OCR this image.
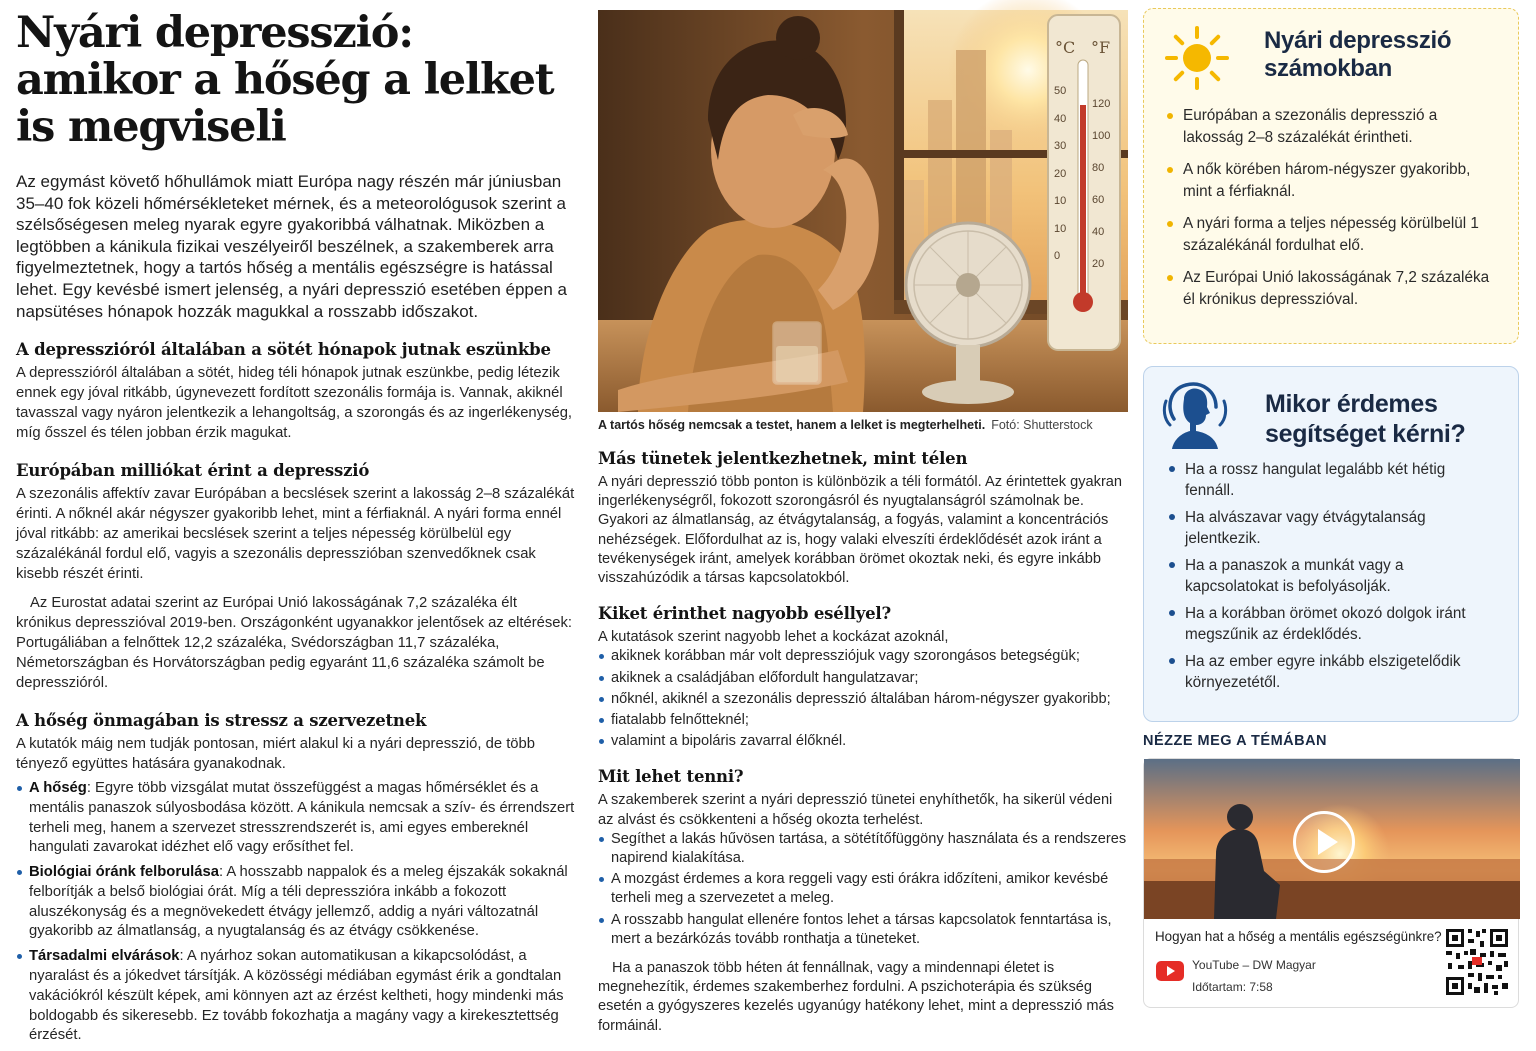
Nyári depresszió: amikor a hőség a lelket is megviseli

Az egymást követő hőhullámok miatt Európa nagy részén már júniusban 35–40 fok közeli hőmérsékleteket mérnek, és a meteorológusok szerint a szélsőségesen meleg nyarak egyre gyakoribbá válhatnak. Miközben a legtöbben a kánikula fizikai veszélyeiről beszélnek, a szakemberek arra figyelmeztetnek, hogy a tartós hőség a mentális egészségre is hatással lehet. Egy kevésbé ismert jelenség, a nyári depresszió esetében éppen a napsütéses hónapok hozzák magukkal a rosszabb időszakot.

A depresszióról általában a sötét hónapok jutnak eszünkbe

A depresszióról általában a sötét, hideg téli hónapok jutnak eszünkbe, pedig létezik ennek egy jóval ritkább, úgynevezett fordított szezonális formája is. Vannak, akiknél tavasszal vagy nyáron jelentkezik a lehangoltság, a szorongás és az ingerlékenység, míg ősszel és télen jobban érzik magukat.

Európában milliókat érint a depresszió

A szezonális affektív zavar Európában a becslések szerint a lakosság 2–8 százalékát érinti. A nőknél akár négyszer gyakoribb lehet, mint a férfiaknál. A nyári forma ennél jóval ritkább: az amerikai becslések szerint a teljes népesség körülbelül egy százalékánál fordul elő, vagyis a szezonális depresszióban szenvedőknek csak kisebb részét érinti.

Az Eurostat adatai szerint az Európai Unió lakosságának 7,2 százaléka élt krónikus depresszióval 2019-ben. Országonként ugyanakkor jelentősek az eltérések: Portugáliában a felnőttek 12,2 százaléka, Svédországban 11,7 százaléka, Németországban és Horvátországban pedig egyaránt 11,6 százaléka számolt be depresszióról.

A hőség önmagában is stressz a szervezetnek

A kutatók máig nem tudják pontosan, miért alakul ki a nyári depresszió, de több tényező együttes hatására gyanakodnak.

A hőség: Egyre több vizsgálat mutat összefüggést a magas hőmérséklet és a mentális panaszok súlyosbodása között. A kánikula nemcsak a szív- és érrendszert terheli meg, hanem a szervezet stresszrendszerét is, ami egyes embereknél hangulati zavarokat idézhet elő vagy erősíthet fel.
Biológiai óránk felborulása: A hosszabb nappalok és a meleg éjszakák sokaknál felborítják a belső biológiai órát. Míg a téli depresszióra inkább a fokozott aluszékonyság és a megnövekedett étvágy jellemző, addig a nyári változatnál gyakoribb az álmatlanság, a nyugtalanság és az étvágy csökkenése.
Társadalmi elvárások: A nyárhoz sokan automatikusan a kikapcsolódást, a nyaralást és a jókedvet társítják. A közösségi médiában egymást érik a gondtalan vakációkról készült képek, ami könnyen azt az érzést keltheti, hogy mindenki más boldogabb és sikeresebb. Ez tovább fokozhatja a magány vagy a kirekesztettség érzését.
°C °F
50
40
30
20
10
10
0
120
100
80
60
40
20

A tartós hőség nemcsak a testet, hanem a lelket is megterhelheti. Fotó: Shutterstock

Más tünetek jelentkezhetnek, mint télen

A nyári depresszió több ponton is különbözik a téli formától. Az érintettek gyakran ingerlékenységről, fokozott szorongásról és nyugtalanságról számolnak be. Gyakori az álmatlanság, az étvágytalanság, a fogyás, valamint a koncentrációs nehézségek. Előfordulhat az is, hogy valaki elveszíti érdeklődését azok iránt a tevékenységek iránt, amelyek korábban örömet okoztak neki, és egyre inkább visszahúzódik a társas kapcsolatokból.

Kiket érinthet nagyobb eséllyel?

A kutatások szerint nagyobb lehet a kockázat azoknál,

akiknek korábban már volt depressziójuk vagy szorongásos betegségük;
akiknek a családjában előfordult hangulatzavar;
nőknél, akiknél a szezonális depresszió általában három-négyszer gyakoribb;
fiatalabb felnőtteknél;
valamint a bipoláris zavarral élőknél.
Mit lehet tenni?

A szakemberek szerint a nyári depresszió tünetei enyhíthetők, ha sikerül védeni az alvást és csökkenteni a hőség okozta terhelést.

Segíthet a lakás hűvösen tartása, a sötétítőfüggöny használata és a rendszeres napirend kialakítása.
A mozgást érdemes a kora reggeli vagy esti órákra időzíteni, amikor kevésbé terheli meg a szervezetet a meleg.
A rosszabb hangulat ellenére fontos lehet a társas kapcsolatok fenntartása is, mert a bezárkózás tovább ronthatja a tüneteket.

Ha a panaszok több héten át fennállnak, vagy a mindennapi életet is megnehezítik, érdemes szakemberhez fordulni. A pszichoterápia és szükség esetén a gyógyszeres kezelés ugyanúgy hatékony lehet, mint a depresszió más formáinál.

Nyári depresszió számokban
Európában a szezonális depresszió a lakosság 2–8 százalékát érintheti.
A nők körében három-négyszer gyakoribb, mint a férfiaknál.
A nyári forma a teljes népesség körülbelül 1 százalékánál fordulhat elő.
Az Európai Unió lakosságának 7,2 százaléka él krónikus depresszióval.
Mikor érdemes segítséget kérni?
Ha a rossz hangulat legalább két hétig fennáll.
Ha alvászavar vagy étvágytalanság jelentkezik.
Ha a panaszok a munkát vagy a kapcsolatokat is befolyásolják.
Ha a korábban örömet okozó dolgok iránt megszűnik az érdeklődés.
Ha az ember egyre inkább elszigetelődik környezetétől.
NÉZZE MEG A TÉMÁBAN
Hogyan hat a hőség a mentális egészségünkre?
YouTube – DW Magyar
Időtartam: 7:58
